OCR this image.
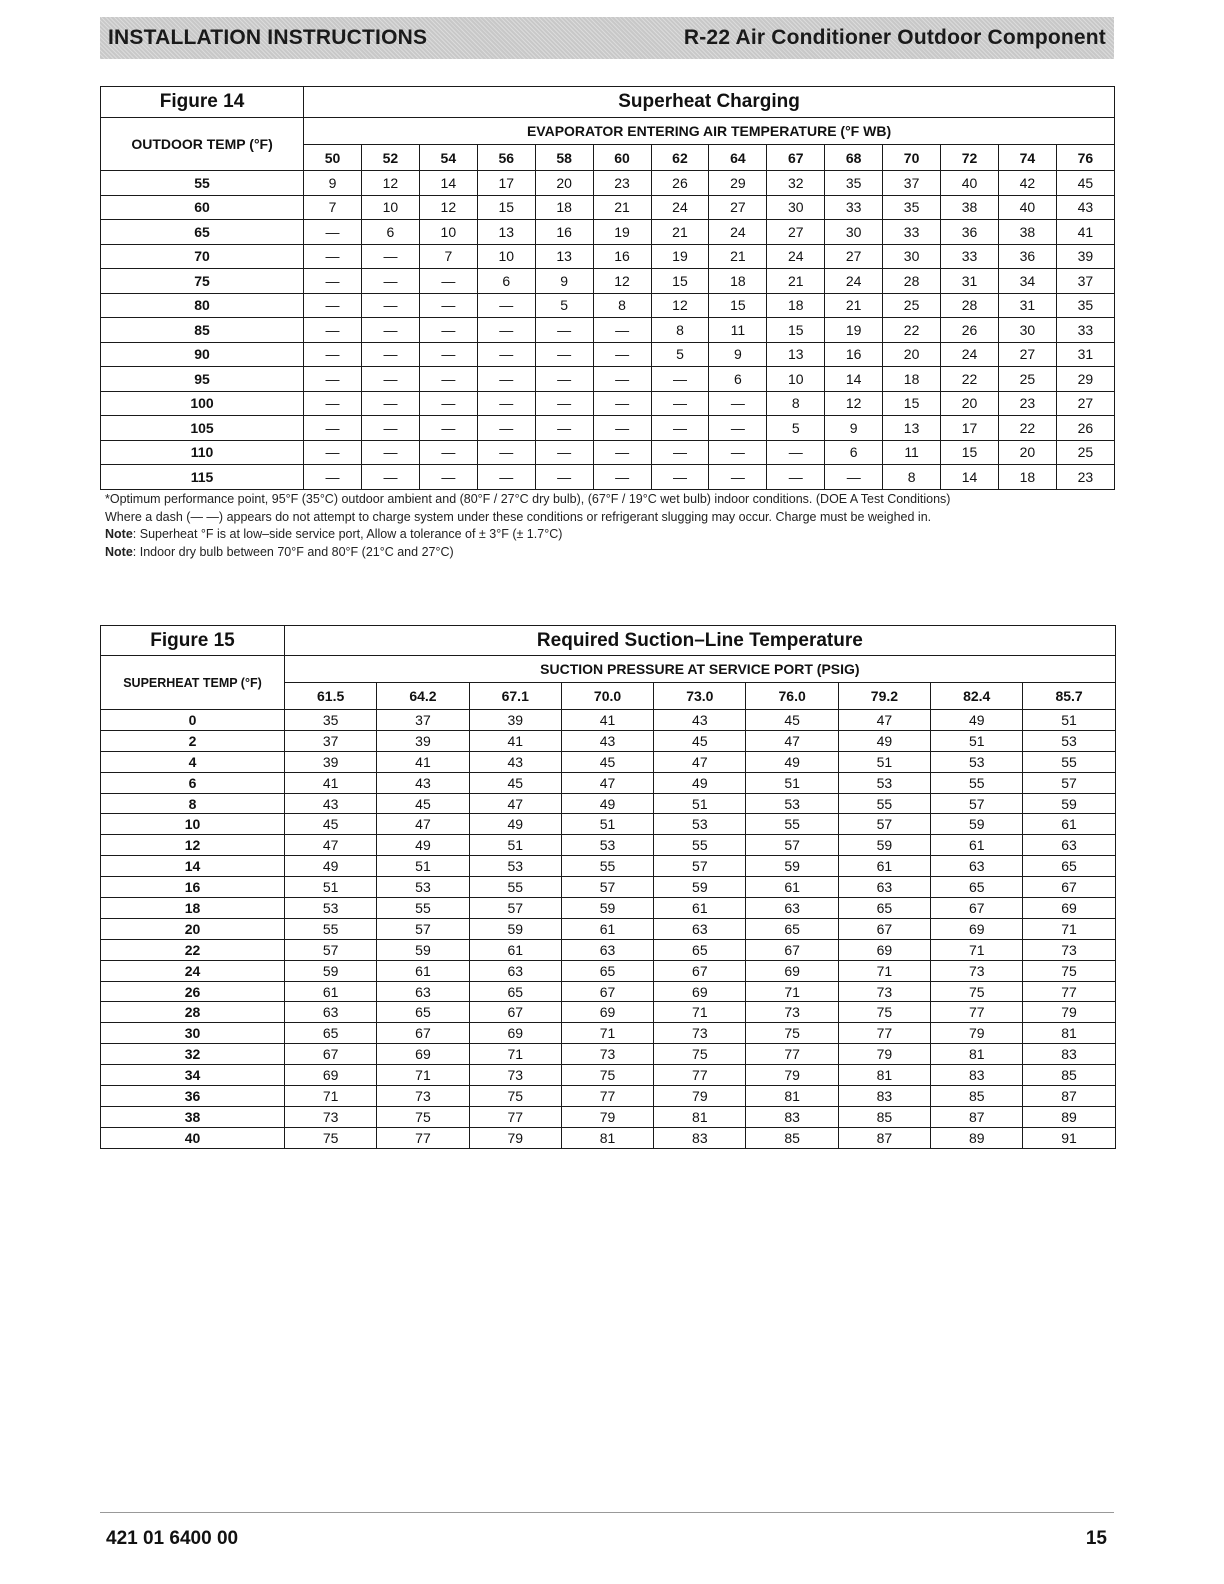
INSTALLATION INSTRUCTIONS	R-22 Air Conditioner Outdoor Component
Figure 14	Superheat Charging													
OUTDOOR TEMP (°F)	EVAPORATOR ENTERING AIR TEMPERATURE (°F WB)													
	50	52	54	56	58	60	62	64	67	68	70	72	74	76
55	9	12	14	17	20	23	26	29	32	35	37	40	42	45
60	7	10	12	15	18	21	24	27	30	33	35	38	40	43
65	—	6	10	13	16	19	21	24	27	30	33	36	38	41
70	—	—	7	10	13	16	19	21	24	27	30	33	36	39
75	—	—	—	6	9	12	15	18	21	24	28	31	34	37
80	—	—	—	—	5	8	12	15	18	21	25	28	31	35
85	—	—	—	—	—	—	8	11	15	19	22	26	30	33
90	—	—	—	—	—	—	5	9	13	16	20	24	27	31
95	—	—	—	—	—	—	—	6	10	14	18	22	25	29
100	—	—	—	—	—	—	—	—	8	12	15	20	23	27
105	—	—	—	—	—	—	—	—	5	9	13	17	22	26
110	—	—	—	—	—	—	—	—	—	6	11	15	20	25
115	—	—	—	—	—	—	—	—	—	—	8	14	18	23

*Optimum performance point, 95°F (35°C) outdoor ambient and (80°F / 27°C dry bulb), (67°F / 19°C wet bulb) indoor conditions. (DOE A Test Conditions)

Where a dash (— —) appears do not attempt to charge system under these conditions or refrigerant slugging may occur. Charge must be weighed in.

Note: Superheat °F is at low–side service port, Allow a tolerance of ± 3°F (± 1.7°C)

Note: Indoor dry bulb between 70°F and 80°F (21°C and 27°C)

Figure 15	Required Suction–Line Temperature								
SUPERHEAT TEMP (°F)	SUCTION PRESSURE AT SERVICE PORT (PSIG)								
	61.5	64.2	67.1	70.0	73.0	76.0	79.2	82.4	85.7
0	35	37	39	41	43	45	47	49	51
2	37	39	41	43	45	47	49	51	53
4	39	41	43	45	47	49	51	53	55
6	41	43	45	47	49	51	53	55	57
8	43	45	47	49	51	53	55	57	59
10	45	47	49	51	53	55	57	59	61
12	47	49	51	53	55	57	59	61	63
14	49	51	53	55	57	59	61	63	65
16	51	53	55	57	59	61	63	65	67
18	53	55	57	59	61	63	65	67	69
20	55	57	59	61	63	65	67	69	71
22	57	59	61	63	65	67	69	71	73
24	59	61	63	65	67	69	71	73	75
26	61	63	65	67	69	71	73	75	77
28	63	65	67	69	71	73	75	77	79
30	65	67	69	71	73	75	77	79	81
32	67	69	71	73	75	77	79	81	83
34	69	71	73	75	77	79	81	83	85
36	71	73	75	77	79	81	83	85	87
38	73	75	77	79	81	83	85	87	89
40	75	77	79	81	83	85	87	89	91
421 01 6400 00	15
